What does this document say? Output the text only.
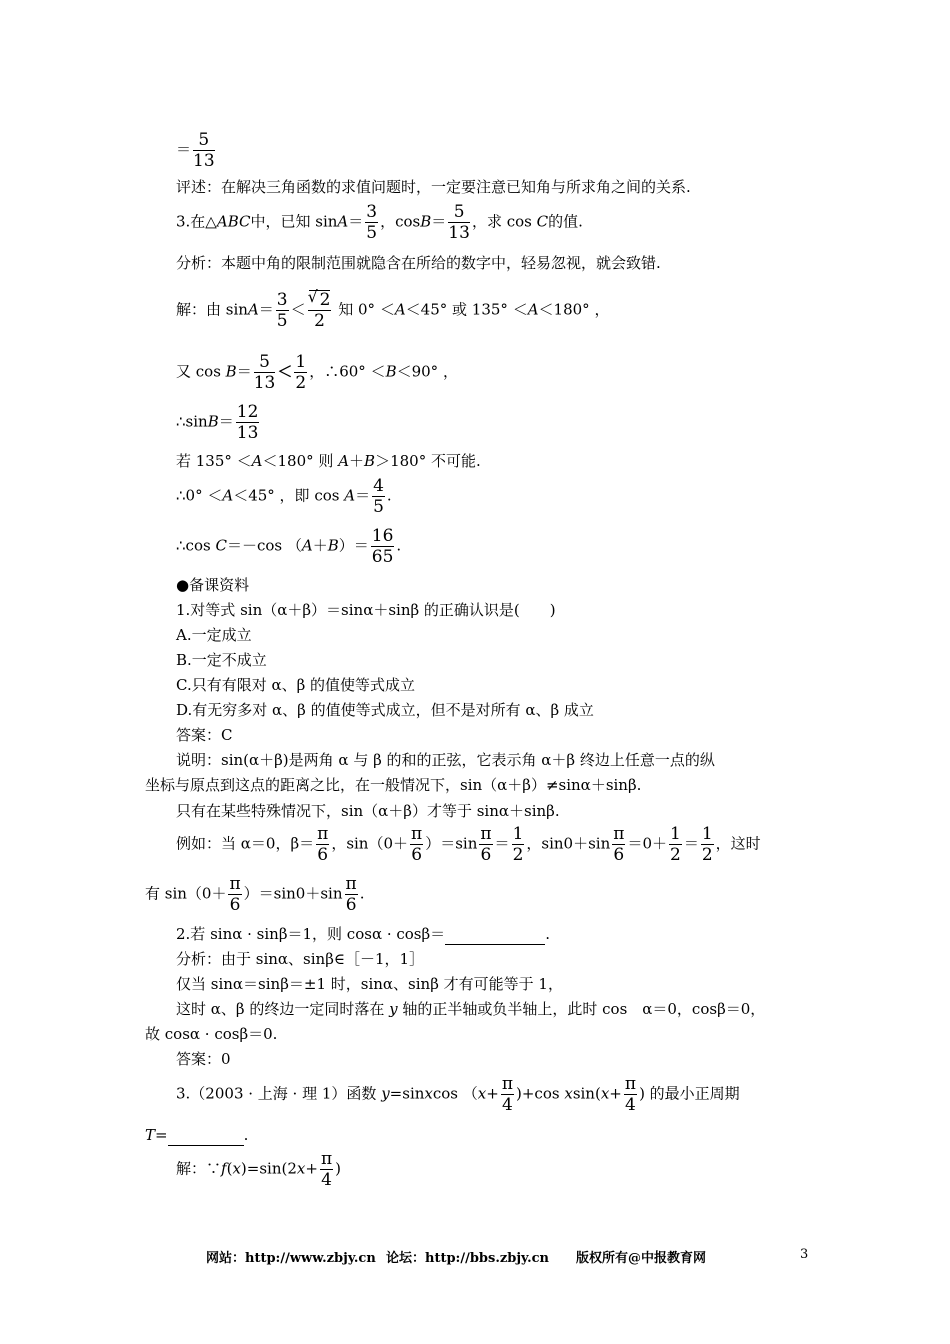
＝ $\frac{5}{13}$
评述：在解决三角函数的求值问题时，一定要注意已知角与所求角之间的关系.
3.在△ABC中，已知 $\sin A= \frac{3}{5}$ ，$\cos B= \frac{5}{13}$ ，求 cos C的值.
分析：本题中角的限制范围就隐含在所给的数字中，轻易忽视，就会致错.
解：由 $\sin A= \frac{3}{5}$ ＜
√ $\frac{2}{2}$ 知 0° ＜A＜45° 或 135° ＜A＜180° ，
又 $\cos B= \frac{5}{13} < \frac{1}{2}$ ，∴60° ＜B＜90° ，
∴sinB＝ $\frac{12}{13}$
若 135° ＜A＜180° 则 A＋B＞180° 不可能.
∴0° ＜A＜45° ，即 $\cos A= \frac{4}{5}$ .
∴cos C＝－cos $(A+B)= \frac{16}{65}$ .
●备课资料
1.对等式 sin（α＋β）＝sinα＋sinβ 的正确认识是(　　)
A.一定成立
B.一定不成立
C.只有有限对 α、β 的值使等式成立
D.有无穷多对 α、β 的值使等式成立，但不是对所有 α、β 成立
答案：C
说明：sin(α＋β)是两角 α 与 β 的和的正弦，它表示角 α＋β 终边上任意一点的纵
坐标与原点到这点的距离之比，在一般情况下，sin（α＋β）≠sinα＋sinβ.
只有在某些特殊情况下，sin（α＋β）才等于 sinα＋sinβ.
例如：当 α＝0，$\beta= \frac{\pi}{6}$ ，$\sin(0+ \frac{\pi}{6} )=\sin \frac{\pi}{6} = \frac{1}{2}$ ，$\sin 0+\sin \frac{\pi}{6} =0+ \frac{1}{2} = \frac{1}{2}$ ，这时
有 $\sin(0+ \frac{\pi}{6} )=\sin 0+\sin \frac{\pi}{6}$ .
2.若 sinα · sinβ＝1，则 cosα · cosβ＝	.
分析：由于 sinα、sinβ∈［－1，1］
仅当 sinα＝sinβ＝±1 时，sinα、sinβ 才有可能等于 1，
这时 α、β 的终边一定同时落在 y 轴的正半轴或负半轴上，此时 cos　α＝0，cosβ＝0，
故 cosα · cosβ＝0.
答案：0
3.（2003 · 上海 · 理 1）函数 y=sinxcos $(x+ \frac{\pi}{4} )+\cos$ $xsin(x+ \frac{\pi}{4}$ ) 的最小正周期
T=	.
解：∵f(x)=sin(2x+ $\frac{\pi}{4}$ )
网站：http://www.zbjy.cn 论坛：http://bbs.zbjy.cn 版权所有@中报教育网	3
